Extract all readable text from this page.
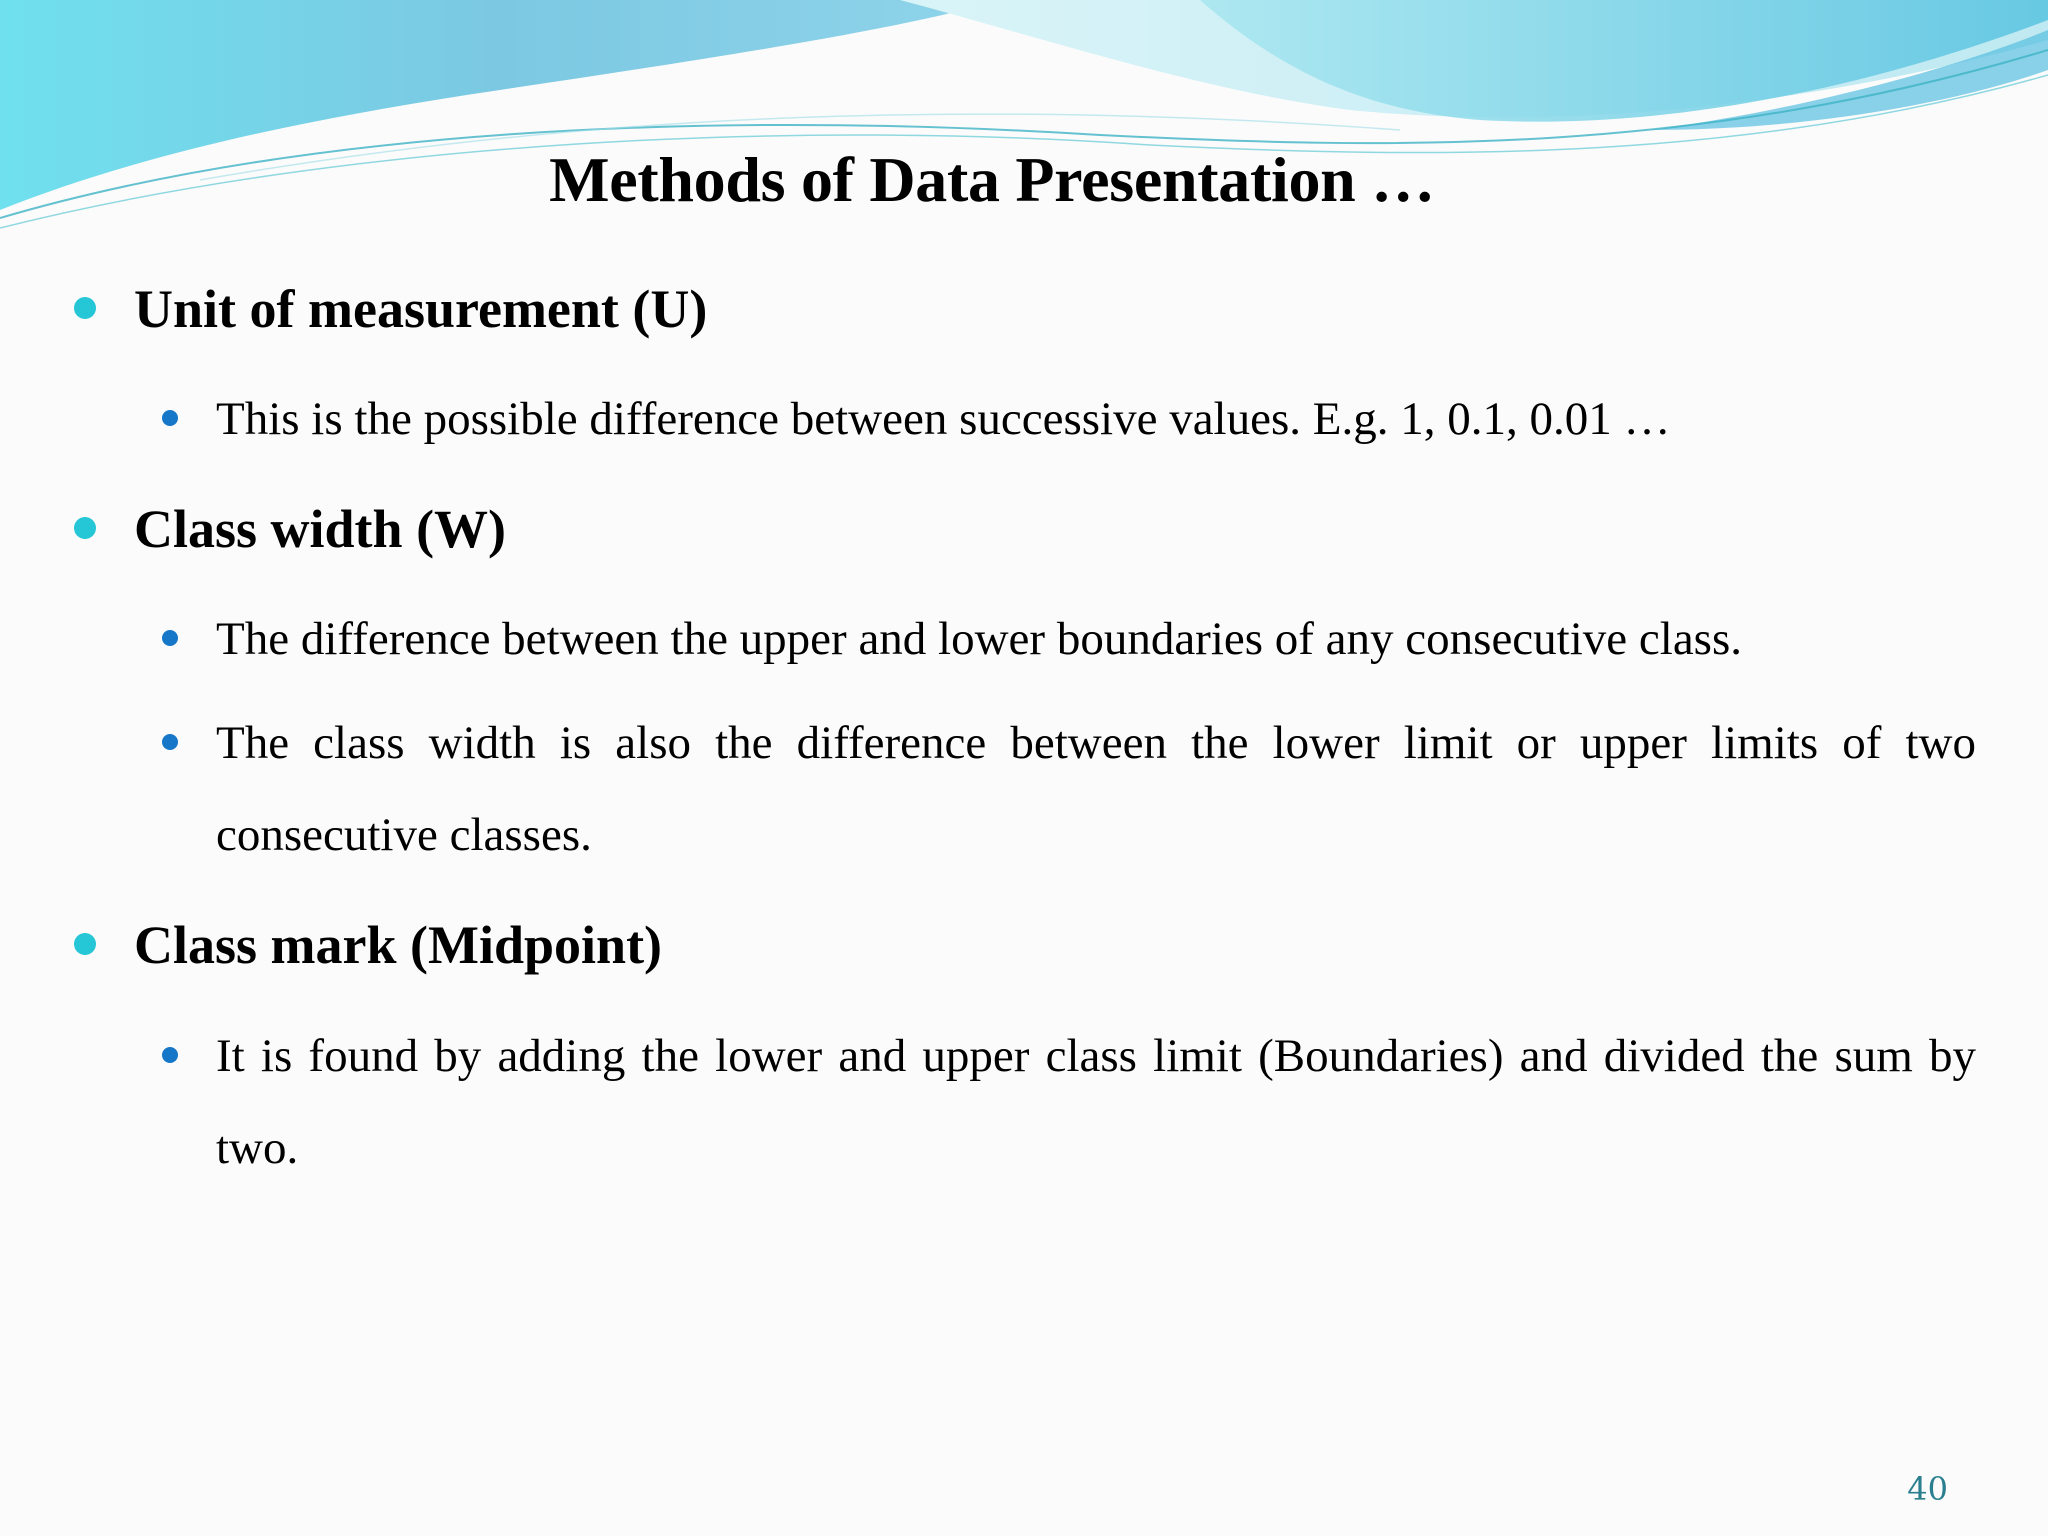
Methods of Data Presentation …
Unit of measurement (U)
This is the possible difference between successive values. E.g. 1, 0.1, 0.01 …
Class width (W)
The difference between the upper and lower boundaries of any consecutive class.
The class width is also the difference between the lower limit or upper limits of two consecutive classes.
Class mark (Midpoint)
It is found by adding the lower and upper class limit (Boundaries) and divided the sum by two.
40
